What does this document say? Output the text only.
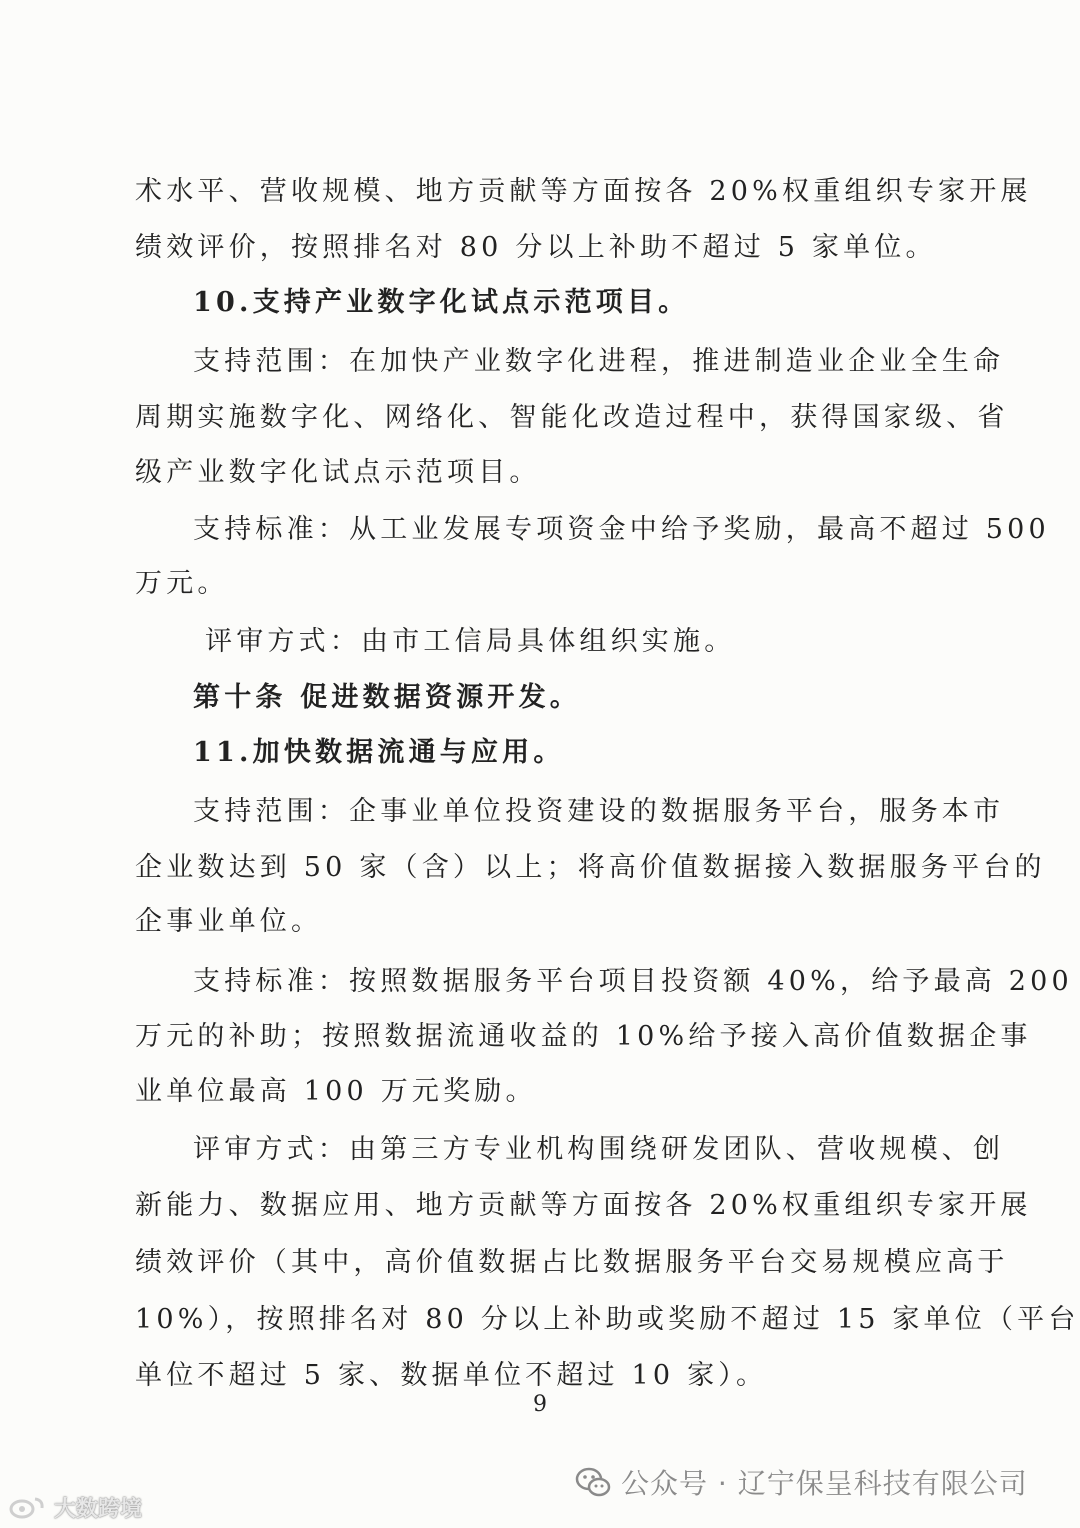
术水平、营收规模、地方贡献等方面按各 20%权重组织专家开展
绩效评价，按照排名对 80 分以上补助不超过 5 家单位。
10.支持产业数字化试点示范项目。
支持范围：在加快产业数字化进程，推进制造业企业全生命
周期实施数字化、网络化、智能化改造过程中，获得国家级、省
级产业数字化试点示范项目。
支持标准：从工业发展专项资金中给予奖励，最高不超过 500
万元。
评审方式：由市工信局具体组织实施。
第十条 促进数据资源开发。
11.加快数据流通与应用。
支持范围：企事业单位投资建设的数据服务平台，服务本市
企业数达到 50 家（含）以上；将高价值数据接入数据服务平台的
企事业单位。
支持标准：按照数据服务平台项目投资额 40%，给予最高 200
万元的补助；按照数据流通收益的 10%给予接入高价值数据企事
业单位最高 100 万元奖励。
评审方式：由第三方专业机构围绕研发团队、营收规模、创
新能力、数据应用、地方贡献等方面按各 20%权重组织专家开展
绩效评价（其中，高价值数据占比数据服务平台交易规模应高于
10%），按照排名对 80 分以上补助或奖励不超过 15 家单位（平台
单位不超过 5 家、数据单位不超过 10 家）。
9
公众号 · 辽宁保呈科技有限公司
大数跨境
